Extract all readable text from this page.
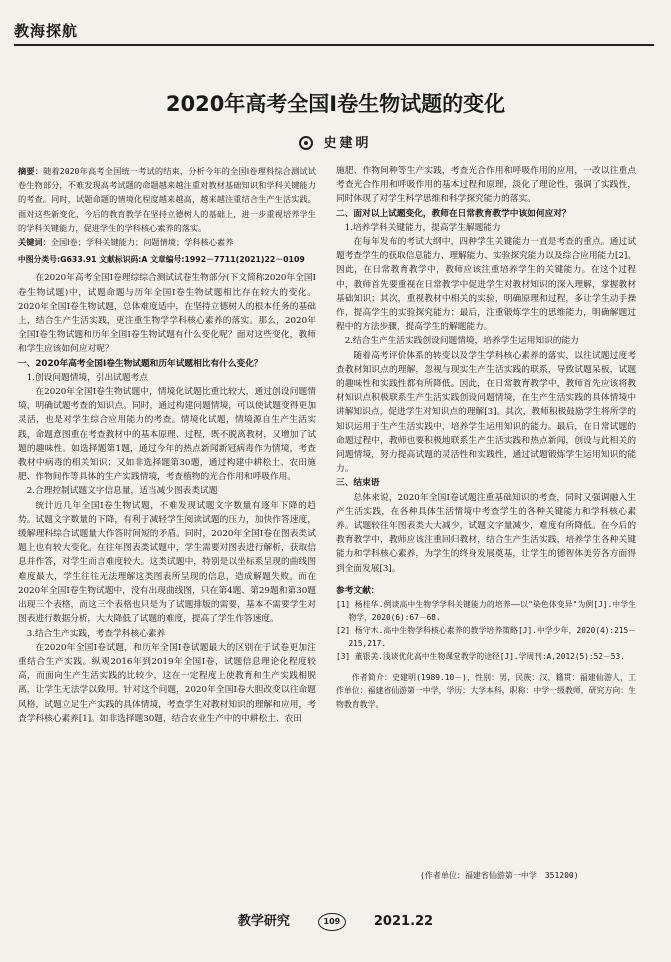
教海探航
2020年高考全国Ⅰ卷生物试题的变化
史建明

摘要：随着2020年高考全国统一考试的结束，分析今年的全国Ⅰ卷理科综合测试试卷生物部分，不难发现高考试题的命题越来越注重对教材基础知识和学科关键能力的考查。同时，试题命题的情境化程度越来越高，越来越注重结合生产生活实践。面对这些新变化，今后的教育教学在坚持立德树人的基础上，进一步重视培养学生的学科关键能力，促进学生的学科核心素养的落实。

关键词：全国Ⅰ卷；学科关键能力；问题情境；学科核心素养

中图分类号:G633.91 文献标识码:A 文章编号:1992－7711(2021)22－0109

在2020年高考全国Ⅰ卷理综综合测试试卷生物部分(下文简称2020年全国Ⅰ卷生物试题)中，试题命题与历年全国Ⅰ卷生物试题相比存在较大的变化。2020年全国Ⅰ卷生物试题，总体难度适中，在坚持立德树人的根本任务的基础上，结合生产生活实践，更注重生物学学科核心素养的落实。那么，2020年全国Ⅰ卷生物试题和历年全国Ⅰ卷生物试题有什么变化呢？面对这些变化，教师和学生应该如何应对呢？

一、2020年高考全国Ⅰ卷生物试题和历年试题相比有什么变化？

1.创设问题情境，引出试题考点

在2020年全国Ⅰ卷生物试题中，情境化试题比重比较大，通过创设问题情境，明确试题考查的知识点。同时，通过构建问题情境，可以使试题变得更加灵活，也是对学生综合应用能力的考查。情境化试题，情境源自生产生活实践，命题意图重在考查教材中的基本原理、过程，既不脱离教材，又增加了试题的趣味性。如选择题第1题，通过今年的热点新闻新冠病毒作为情境，考查教材中病毒的相关知识；又如非选择题第30题，通过构建中耕松土、农田施肥、作物间作等具体的生产实践情境，考查植物的光合作用和呼吸作用。

2.合理控制试题文字信息量，适当减少图表类试题

统计近几年全国Ⅰ卷生物试题，不难发现试题文字数量有逐年下降的趋势。试题文字数量的下降，有利于减轻学生阅读试题的压力，加快作答速度，缓解理科综合试题量大作答时间短的矛盾。同时，2020年全国Ⅰ卷在图表类试题上也有较大变化。在往年图表类试题中，学生需要对图表进行解析，获取信息并作答，对学生而言难度较大。这类试题中，特别是以坐标系呈现的曲线图难度最大，学生往往无法理解这类图表所呈现的信息，造成解题失败。而在2020年全国Ⅰ卷生物试题中，没有出现曲线图，只在第4题、第29题和第30题出现三个表格，而这三个表格也只是为了试题排版的需要，基本不需要学生对图表进行数据分析，大大降低了试题的难度，提高了学生作答速度。

3.结合生产实践，考查学科核心素养

在2020年全国Ⅰ卷试题，和历年全国Ⅰ卷试题最大的区别在于试卷更加注重结合生产实践。纵观2016年到2019年全国Ⅰ卷，试题信息理论化程度较高，而面向生产生活实践的比较少，这在一定程度上使教育和生产实践相脱离，让学生无法学以致用。针对这个问题，2020年全国Ⅰ卷大胆改变以往命题风格，试题立足生产实践的具体情境，考查学生对教材知识的理解和应用，考查学科核心素养[1]。如非选择题30题，结合农业生产中的中耕松土、农田

施肥、作物间种等生产实践，考查光合作用和呼吸作用的应用，一改以往重点考查光合作用和呼吸作用的基本过程和原理，淡化了理论性，强调了实践性，同时体现了对学生科学思维和科学探究能力的落实。

二、面对以上试题变化，教师在日常教育教学中该如何应对？

1.培养学科关键能力，提高学生解题能力

在每年发布的考试大纲中，四种学生关键能力一直是考查的重点。通过试题考查学生的获取信息能力、理解能力、实验探究能力以及综合应用能力[2]。因此，在日常教育教学中，教师应该注重培养学生的关键能力。在这个过程中，教师首先要重视在日常教学中促进学生对教材知识的深入理解，掌握教材基础知识；其次，重视教材中相关的实验，明确原理和过程，多让学生动手操作，提高学生的实验探究能力；最后，注重锻炼学生的思维能力，明确解题过程中的方法步骤，提高学生的解题能力。

2.结合生产生活实践创设问题情境，培养学生运用知识的能力

随着高考评价体系的转变以及学生学科核心素养的落实，以往试题过度考查教材知识点的理解，忽视与现实生产生活实践的联系，导致试题呆板，试题的趣味性和实践性都有所降低。因此，在日常教育教学中，教师首先应该将教材知识点积极联系生产生活实践创设问题情境，在生产生活实践的具体情境中讲解知识点，促进学生对知识点的理解[3]。其次，教师积极鼓励学生将所学的知识运用于生产生活实践中，培养学生运用知识的能力。最后，在日常试题的命题过程中，教师也要积极地联系生产生活实践和热点新闻，创设与此相关的问题情境，努力提高试题的灵活性和实践性，通过试题锻炼学生运用知识的能力。

三、结束语

总体来说，2020年全国Ⅰ卷试题注重基础知识的考查，同时又强调融入生产生活实践，在各种具体生活情境中考查学生的各种关键能力和学科核心素养。试题较往年图表类大大减少，试题文字量减少，难度有所降低。在今后的教育教学中，教师应该注重回归教材，结合生产生活实践，培养学生各种关键能力和学科核心素养，为学生的终身发展奠基，让学生的德智体美劳各方面得到全面发展[3]。

参考文献：

[1] 杨桂华.例谈高中生物学学科关键能力的培养——以"染色体变异"为例[J].中学生物学，2020(6):67－68.

[2] 杨守木.高中生物学科核心素养的教学培养策略[J].中学少年，2020(4):215－215,217.

[3] 董银美.浅谈优化高中生物课堂教学的途径[J].学周刊:A,2012(5):52－53.

作者简介：史建明(1989.10－)，性别：男，民族：汉，籍贯：福建仙游人，工作单位：福建省仙游第一中学，学历：大学本科，职称：中学一级教师，研究方向：生物教育教学。

(作者单位：福建省仙游第一中学　351200)
教学研究	109	2021.22
